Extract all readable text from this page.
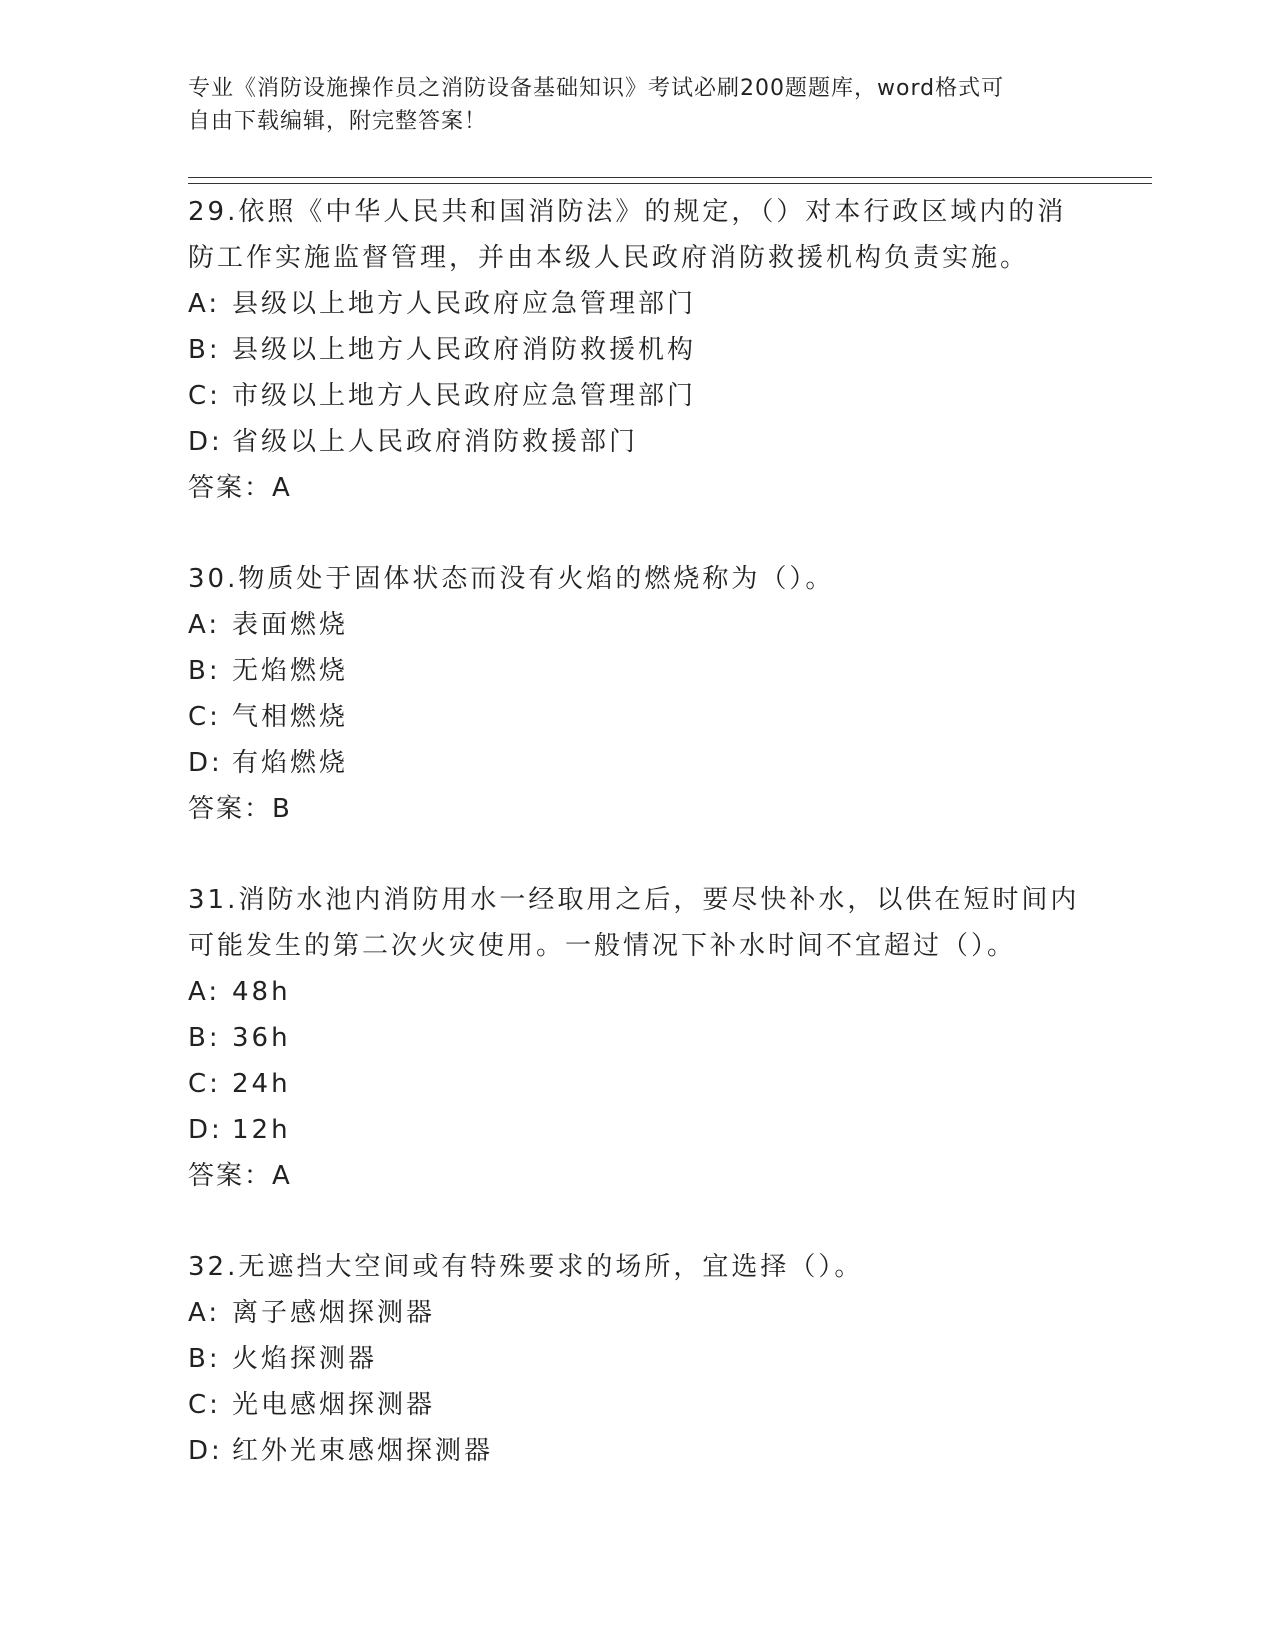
专业《消防设施操作员之消防设备基础知识》考试必刷200题题库，word格式可
自由下载编辑，附完整答案！
29.依照《中华人民共和国消防法》的规定，（）对本行政区域内的消
防工作实施监督管理，并由本级人民政府消防救援机构负责实施。
A: 县级以上地方人民政府应急管理部门
B: 县级以上地方人民政府消防救援机构
C: 市级以上地方人民政府应急管理部门
D: 省级以上人民政府消防救援部门
答案：A
30.物质处于固体状态而没有火焰的燃烧称为（）。
A: 表面燃烧
B: 无焰燃烧
C: 气相燃烧
D: 有焰燃烧
答案：B
31.消防水池内消防用水一经取用之后，要尽快补水，以供在短时间内
可能发生的第二次火灾使用。一般情况下补水时间不宜超过（）。
A: 48h
B: 36h
C: 24h
D: 12h
答案：A
32.无遮挡大空间或有特殊要求的场所，宜选择（）。
A: 离子感烟探测器
B: 火焰探测器
C: 光电感烟探测器
D: 红外光束感烟探测器
